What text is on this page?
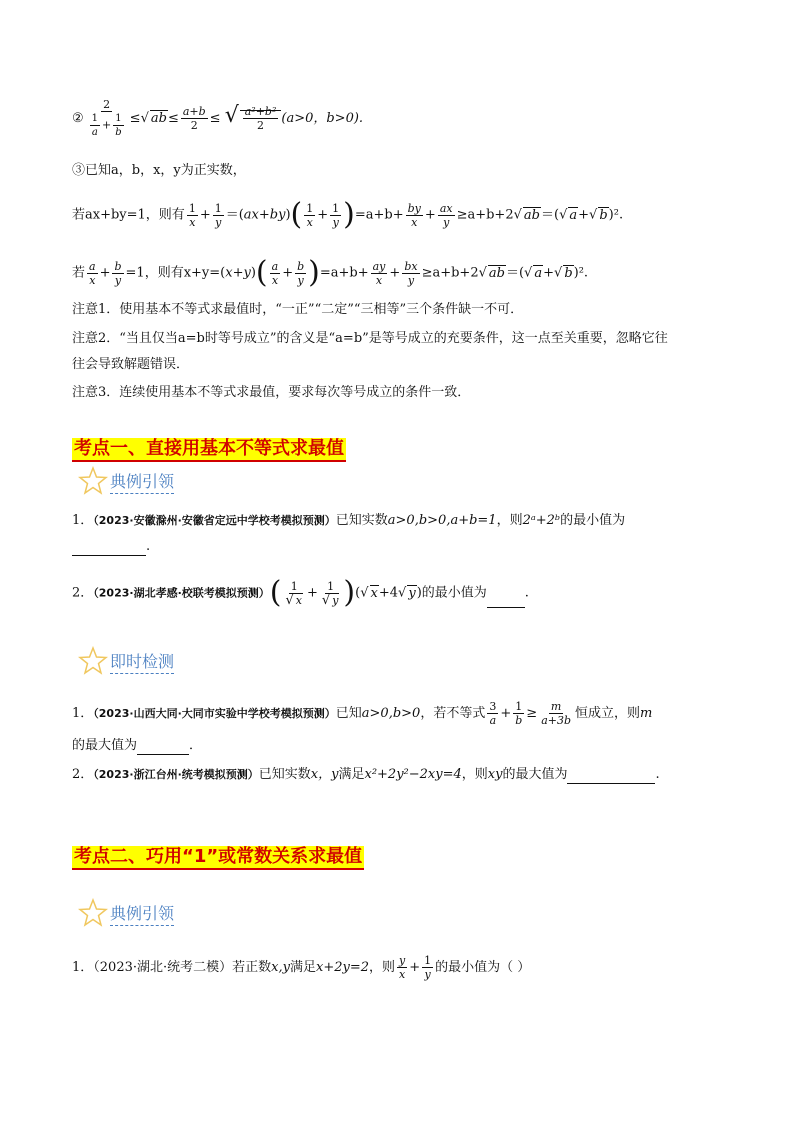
② $\frac{2}{\frac{1}{a} + \frac{1}{b}}$ ≤√ $ab\le \frac{a+b}{2}$ ≤ √ $\frac{\text{a²+b²}}{2} (a>0$，b>0).
③已知a，b，x，y为正实数，
若ax+by=1，则有 $\frac{1}{x} + \frac{1}{y} =(ax+by)( \frac{1}{x} + \frac{1}{y} )=a+b+ \frac{by}{x} + \frac{ax}{y} \ge a+b+2√$ ab＝(√ a+√ b)².
若 $\frac{a}{x} + \frac{b}{y} =1$，则有$x+y=(x+y)( \frac{a}{x} + \frac{b}{y} )=a+b+ \frac{ay}{x} + \frac{bx}{y} \ge a+b+2√$ ab＝(√ a+√ b)².
注意1．使用基本不等式求最值时，“一正”“二定”“三相等”三个条件缺一不可．
注意2．“当且仅当a=b时等号成立”的含义是“a=b”是等号成立的充要条件，这一点至关重要，忽略它往
往会导致解题错误．
注意3．连续使用基本不等式求最值，要求每次等号成立的条件一致．
考点一、直接用基本不等式求最值
典例引领
1．（2023·安徽滁州·安徽省定远中学校考模拟预测）已知实数a>0,b>0,a+b=1，则2ᵃ+2ᵇ的最小值为
.
2．（2023·湖北孝感·校联考模拟预测）( $\frac{1}{√ x} + \frac{1}{√ y}$ )(√ x+4√ y)的最小值为	.
即时检测
1．（2023·山西大同·大同市实验中学校考模拟预测）已知a>0,b>0，若不等式 $\frac{3}{a} + \frac{1}{b} \ge \frac{m}{a+3b}$ 恒成立，则m
的最大值为	．
2．（2023·浙江台州·统考模拟预测）已知实数x，y满足x²+2y²−2xy=4，则xy的最大值为	.
考点二、巧用“1”或常数关系求最值
典例引领
1．（2023·湖北·统考二模）若正数x,y满足x+2y=2，则 $\frac{y}{x} + \frac{1}{y}$ 的最小值为（ ）
